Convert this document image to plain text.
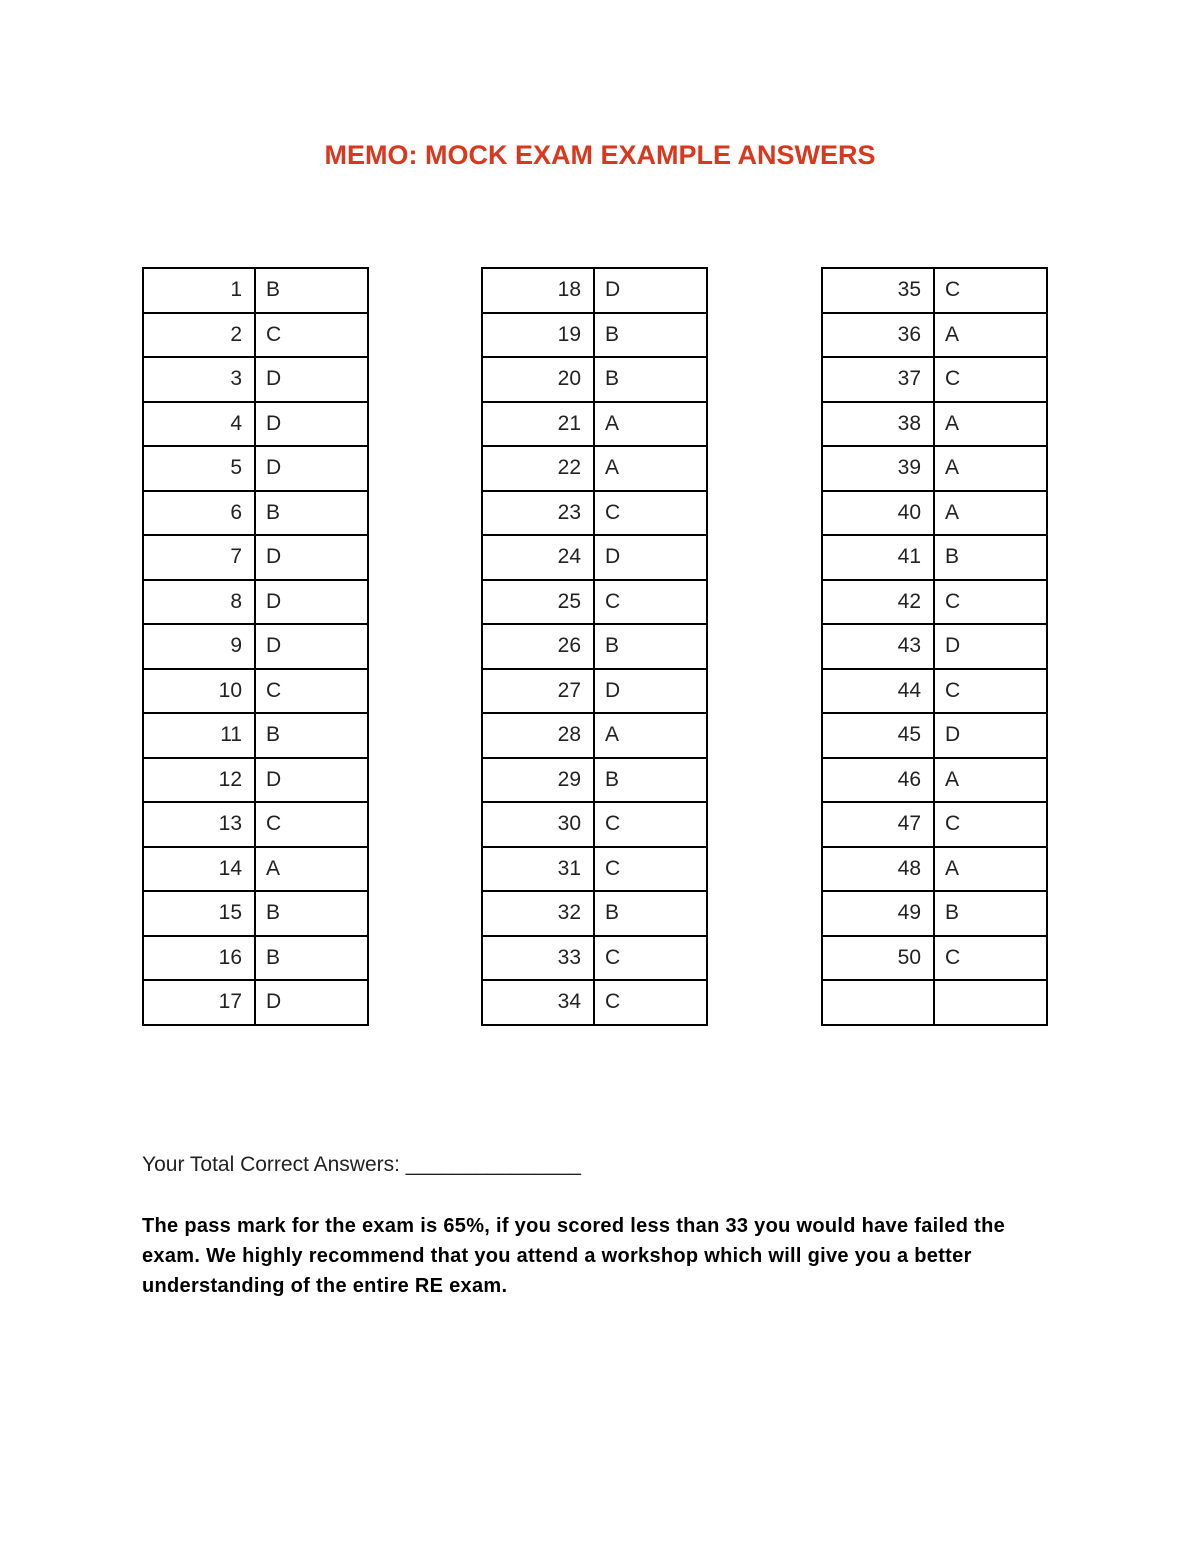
MEMO: MOCK EXAM EXAMPLE ANSWERS
1	B
2	C
3	D
4	D
5	D
6	B
7	D
8	D
9	D
10	C
11	B
12	D
13	C
14	A
15	B
16	B
17	D
18	D
19	B
20	B
21	A
22	A
23	C
24	D
25	C
26	B
27	D
28	A
29	B
30	C
31	C
32	B
33	C
34	C
35	C
36	A
37	C
38	A
39	A
40	A
41	B
42	C
43	D
44	C
45	D
46	A
47	C
48	A
49	B
50	C

Your Total Correct Answers: _______________
The pass mark for the exam is 65%, if you scored less than 33 you would have failed the exam. We highly recommend that you attend a workshop which will give you a better understanding of the entire RE exam.
